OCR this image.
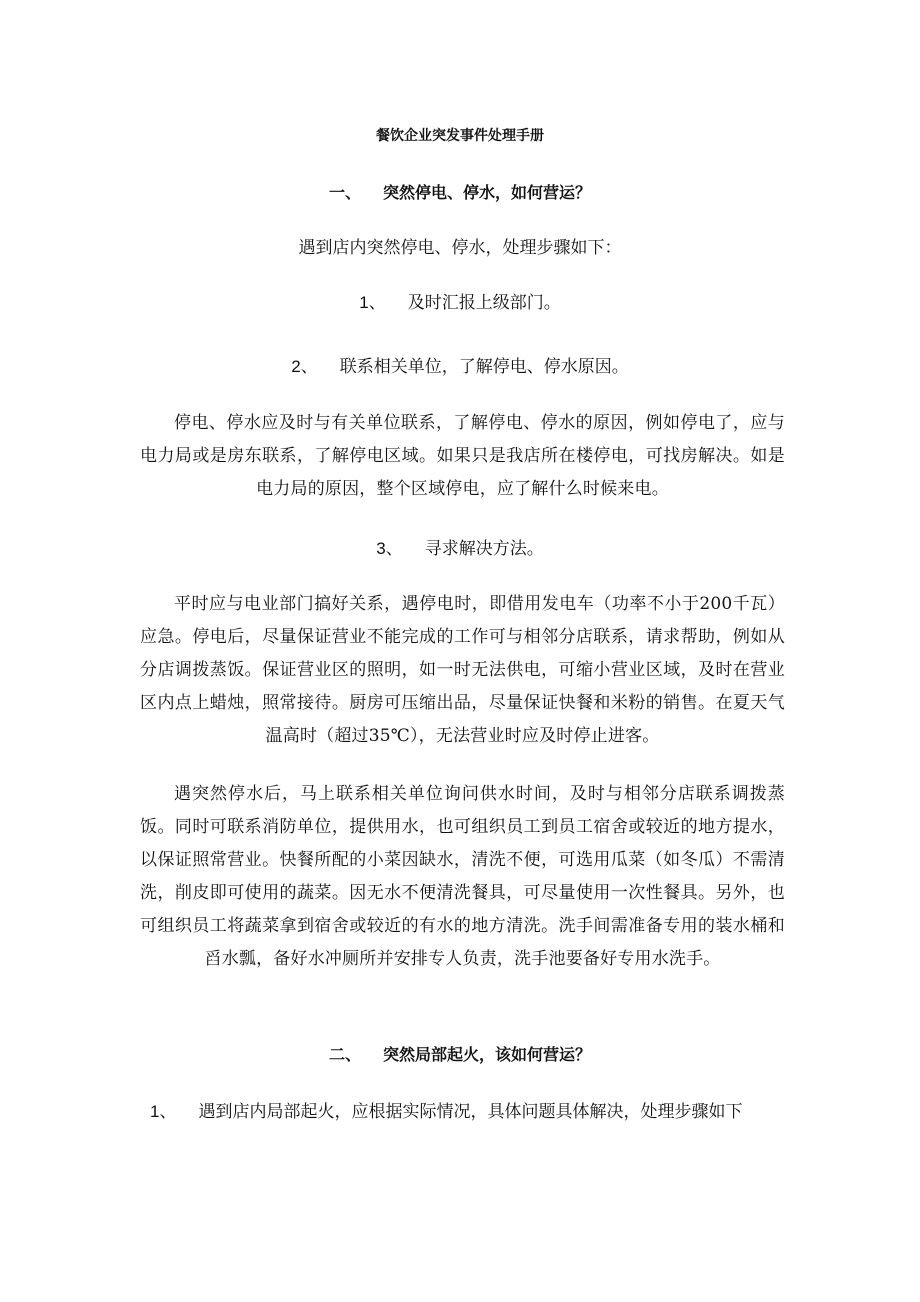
餐饮企业突发事件处理手册
一、 突然停电、停水，如何营运？
遇到店内突然停电、停水，处理步骤如下：
1、 及时汇报上级部门。
2、 联系相关单位，了解停电、停水原因。
停电、停水应及时与有关单位联系，了解停电、停水的原因，例如停电了，应与电力局或是房东联系，了解停电区域。如果只是我店所在楼停电，可找房解决。如是电力局的原因，整个区域停电，应了解什么时候来电。
3、 寻求解决方法。
平时应与电业部门搞好关系，遇停电时，即借用发电车（功率不小于200千瓦）应急。停电后，尽量保证营业不能完成的工作可与相邻分店联系，请求帮助，例如从分店调拨蒸饭。保证营业区的照明，如一时无法供电，可缩小营业区域，及时在营业区内点上蜡烛，照常接待。厨房可压缩出品，尽量保证快餐和米粉的销售。在夏天气温高时（超过35℃），无法营业时应及时停止进客。
遇突然停水后，马上联系相关单位询问供水时间，及时与相邻分店联系调拨蒸饭。同时可联系消防单位，提供用水，也可组织员工到员工宿舍或较近的地方提水，以保证照常营业。快餐所配的小菜因缺水，清洗不便，可选用瓜菜（如冬瓜）不需清洗，削皮即可使用的蔬菜。因无水不便清洗餐具，可尽量使用一次性餐具。另外，也可组织员工将蔬菜拿到宿舍或较近的有水的地方清洗。洗手间需准备专用的装水桶和舀水瓢，备好水冲厕所并安排专人负责，洗手池要备好专用水洗手。
二、 突然局部起火，该如何营运？
1、 遇到店内局部起火，应根据实际情况，具体问题具体解决，处理步骤如下
